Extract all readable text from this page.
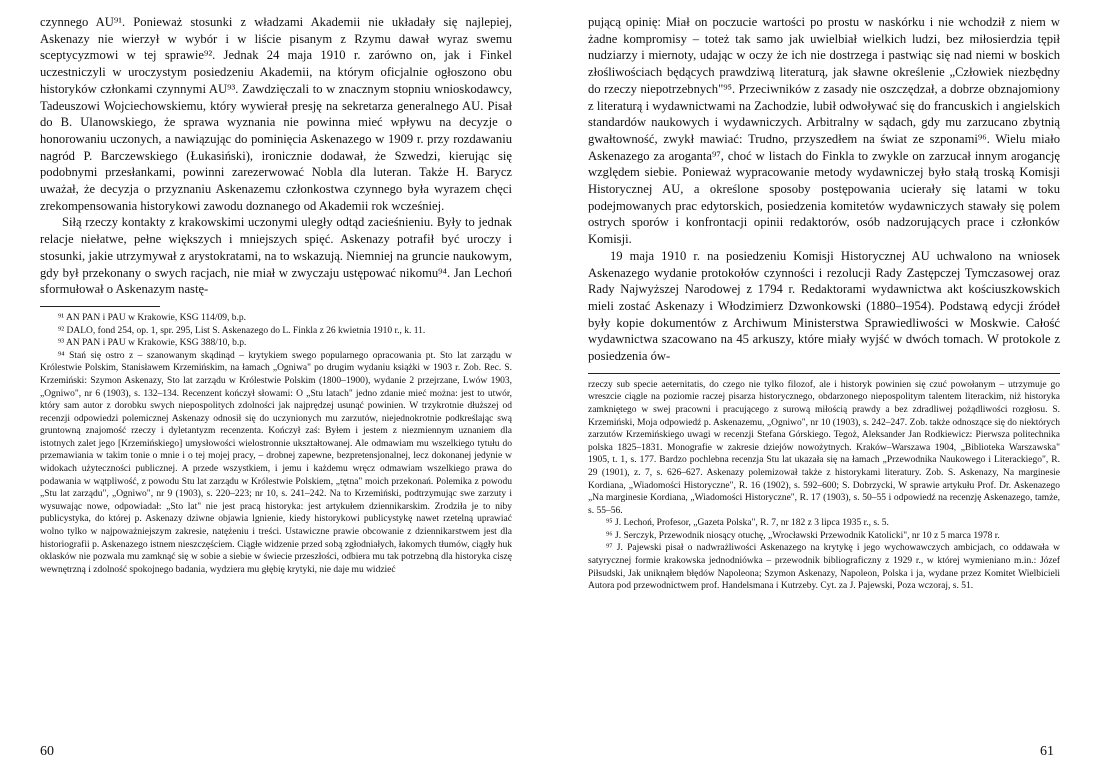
czynnego AU⁹¹. Ponieważ stosunki z władzami Akademii nie układały się najlepiej, Askenazy nie wierzył w wybór i w liście pisanym z Rzymu dawał wyraz swemu sceptycyzmowi w tej sprawie⁹². Jednak 24 maja 1910 r. zarówno on, jak i Finkel uczestniczyli w uroczystym posiedzeniu Akademii, na którym oficjalnie ogłoszono obu historyków członkami czynnymi AU⁹³. Zawdzięczali to w znacznym stopniu wnioskodawcy, Tadeuszowi Wojciechowskiemu, który wywierał presję na sekretarza generalnego AU. Pisał do B. Ulanowskiego, że sprawa wyznania nie powinna mieć wpływu na decyzje o honorowaniu uczonych, a nawiązując do pominięcia Askenazego w 1909 r. przy rozdawaniu nagród P. Barczewskiego (Łukasiński), ironicznie dodawał, że Szwedzi, kierując się podobnymi przesłankami, powinni zarezerwować Nobla dla luteran. Także H. Barycz uważał, że decyzja o przyznaniu Askenazemu członkostwa czynnego była wyrazem chęci zrekompensowania historykowi zawodu doznanego od Akademii rok wcześniej.

Siłą rzeczy kontakty z krakowskimi uczonymi uległy odtąd zacieśnieniu. Były to jednak relacje niełatwe, pełne większych i mniejszych spięć. Askenazy potrafił być uroczy i stosunki, jakie utrzymywał z arystokratami, na to wskazują. Niemniej na gruncie naukowym, gdy był przekonany o swych racjach, nie miał w zwyczaju ustępować nikomu⁹⁴. Jan Lechoń sformułował o Askenazym nastę-

⁹¹ AN PAN i PAU w Krakowie, KSG 114/09, b.p.

⁹² DALO, fond 254, op. 1, spr. 295, List S. Askenazego do L. Finkla z 26 kwietnia 1910 r., k. 11.

⁹³ AN PAN i PAU w Krakowie, KSG 388/10, b.p.

⁹⁴ Stań się ostro z – szanowanym skądinąd – krytykiem swego popularnego opracowania pt. Sto lat zarządu w Królestwie Polskim, Stanisławem Krzemińskim, na łamach „Ogniwa" po drugim wydaniu książki w 1903 r. Zob. Rec. S. Krzemiński: Szymon Askenazy, Sto lat zarządu w Królestwie Polskim (1800–1900), wydanie 2 przejrzane, Lwów 1903, „Ogniwo", nr 6 (1903), s. 132–134. Recenzent kończył słowami: O „Stu latach" jedno zdanie mieć można: jest to utwór, który sam autor z dorobku swych niepospolitych zdolności jak najprędzej usunąć powinien. W trzykrotnie dłuższej od recenzji odpowiedzi polemicznej Askenazy odnosił się do uczynionych mu zarzutów, niejednokrotnie podkreślając swą gruntowną znajomość rzeczy i dyletantyzm recenzenta. Kończył zaś: Byłem i jestem z niezmiennym uznaniem dla istotnych zalet jego [Krzemińskiego] umysłowości wielostronnie ukształtowanej. Ale odmawiam mu wszelkiego tytułu do przemawiania w takim tonie o mnie i o tej mojej pracy, – drobnej zapewne, bezpretensjonalnej, lecz dokonanej jedynie w widokach użyteczności publicznej. A przede wszystkiem, i jemu i każdemu wręcz odmawiam wszelkiego prawa do podawania w wątpliwość, z powodu Stu lat zarządu w Królestwie Polskiem, „tętna" moich przekonań. Polemika z powodu „Stu lat zarządu", „Ogniwo", nr 9 (1903), s. 220–223; nr 10, s. 241–242. Na to Krzemiński, podtrzymując swe zarzuty i wysuwając nowe, odpowiadał: „Sto lat" nie jest pracą historyka: jest artykułem dziennikarskim. Zrodziła je to niby publicystyka, do której p. Askenazy dziwne objawia lgnienie, kiedy historykowi publicystykę nawet rzetelną uprawiać wolno tylko w najpoważniejszym zakresie, natężeniu i treści. Ustawiczne prawie obcowanie z dziennikarstwem jest dla historiografii p. Askenazego istnem nieszczęściem. Ciągłe widzenie przed sobą zgłodniałych, łakomych tłumów, ciągły huk oklasków nie pozwala mu zamknąć się w sobie a siebie w świecie przeszłości, odbiera mu tak potrzebną dla historyka ciszę wewnętrzną i zdolność spokojnego badania, wydziera mu głębię krytyki, nie daje mu widzieć

pującą opinię: Miał on poczucie wartości po prostu w naskórku i nie wchodził z niem w żadne kompromisy – toteż tak samo jak uwielbiał wielkich ludzi, bez miłosierdzia tępił nudziarzy i miernoty, udając w oczy że ich nie dostrzega i pastwiąc się nad niemi w boskich złośliwościach będących prawdziwą literaturą, jak sławne określenie „Człowiek niezbędny do rzeczy niepotrzebnych"⁹⁵. Przeciwników z zasady nie oszczędzał, a dobrze obznajomiony z literaturą i wydawnictwami na Zachodzie, lubił odwoływać się do francuskich i angielskich standardów naukowych i wydawniczych. Arbitralny w sądach, gdy mu zarzucano zbytnią gwałtowność, zwykł mawiać: Trudno, przyszedłem na świat ze szponami⁹⁶. Wielu miało Askenazego za aroganta⁹⁷, choć w listach do Finkla to zwykle on zarzucał innym arogancję względem siebie. Ponieważ wypracowanie metody wydawniczej było stałą troską Komisji Historycznej AU, a określone sposoby postępowania ucierały się latami w toku podejmowanych prac edytorskich, posiedzenia komitetów wydawniczych stawały się polem ostrych sporów i konfrontacji opinii redaktorów, osób nadzorujących prace i członków Komisji.

19 maja 1910 r. na posiedzeniu Komisji Historycznej AU uchwalono na wniosek Askenazego wydanie protokołów czynności i rezolucji Rady Zastępczej Tymczasowej oraz Rady Najwyższej Narodowej z 1794 r. Redaktorami wydawnictwa akt kościuszkowskich mieli zostać Askenazy i Włodzimierz Dzwonkowski (1880–1954). Podstawą edycji źródeł były kopie dokumentów z Archiwum Ministerstwa Sprawiedliwości w Moskwie. Całość wydawnictwa szacowano na 45 arkuszy, które miały wyjść w dwóch tomach. W protokole z posiedzenia ów-

rzeczy sub specie aeternitatis, do czego nie tylko filozof, ale i historyk powinien się czuć powołanym – utrzymuje go wreszcie ciągle na poziomie raczej pisarza historycznego, obdarzonego niepospolitym talentem literackim, niż historyka zamkniętego w swej pracowni i pracującego z surową miłością prawdy a bez zdradliwej pożądliwości rozgłosu. S. Krzemiński, Moja odpowiedź p. Askenazemu, „Ogniwo", nr 10 (1903), s. 242–247. Zob. także odnoszące się do niektórych zarzutów Krzemińskiego uwagi w recenzji Stefana Górskiego. Tegoż, Aleksander Jan Rodkiewicz: Pierwsza politechnika polska 1825–1831. Monografie w zakresie dziejów nowożytnych. Kraków–Warszawa 1904, „Biblioteka Warszawska" 1905, t. 1, s. 177. Bardzo pochlebna recenzja Stu lat ukazała się na łamach „Przewodnika Naukowego i Literackiego", R. 29 (1901), z. 7, s. 626–627. Askenazy polemizował także z historykami literatury. Zob. S. Askenazy, Na marginesie Kordiana, „Wiadomości Historyczne", R. 16 (1902), s. 592–600; S. Dobrzycki, W sprawie artykułu Prof. Dr. Askenazego „Na marginesie Kordiana, „Wiadomości Historyczne", R. 17 (1903), s. 50–55 i odpowiedź na recenzję Askenazego, tamże, s. 55–56.

⁹⁵ J. Lechoń, Profesor, „Gazeta Polska", R. 7, nr 182 z 3 lipca 1935 r., s. 5.

⁹⁶ J. Serczyk, Przewodnik niosący otuchę, „Wrocławski Przewodnik Katolicki", nr 10 z 5 marca 1978 r.

⁹⁷ J. Pajewski pisał o nadwrażliwości Askenazego na krytykę i jego wychowawczych ambicjach, co oddawała w satyrycznej formie krakowska jednodniówka – przewodnik bibliograficzny z 1929 r., w której wymieniano m.in.: Józef Piłsudski, Jak uniknąłem błędów Napoleona; Szymon Askenazy, Napoleon, Polska i ja, wydane przez Komitet Wielbicieli Autora pod przewodnictwem prof. Handelsmana i Kutrzeby. Cyt. za J. Pajewski, Poza wczoraj, s. 51.

60	61
